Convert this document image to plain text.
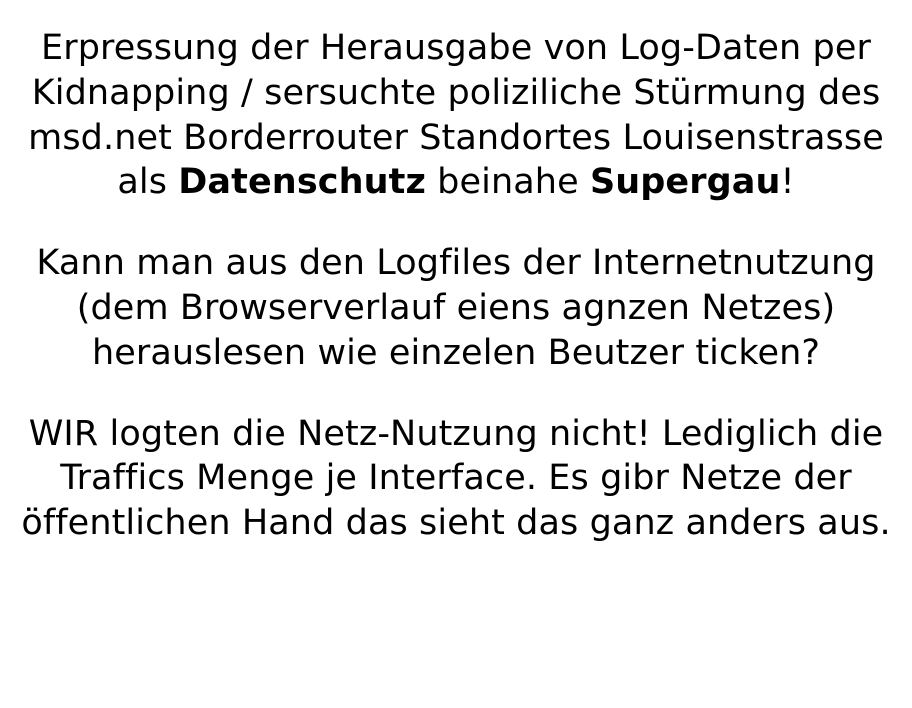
Erpressung der Herausgabe von Log-Daten per
Kidnapping / sersuchte poliziliche Stürmung des
msd.net Borderrouter Standortes Louisenstrasse
als Datenschutz beinahe Supergau!
Kann man aus den Logfiles der Internetnutzung
(dem Browserverlauf eiens agnzen Netzes)
herauslesen wie einzelen Beutzer ticken?
WIR logten die Netz-Nutzung nicht! Lediglich die
Traffics Menge je Interface. Es gibr Netze der
öffentlichen Hand das sieht das ganz anders aus.
